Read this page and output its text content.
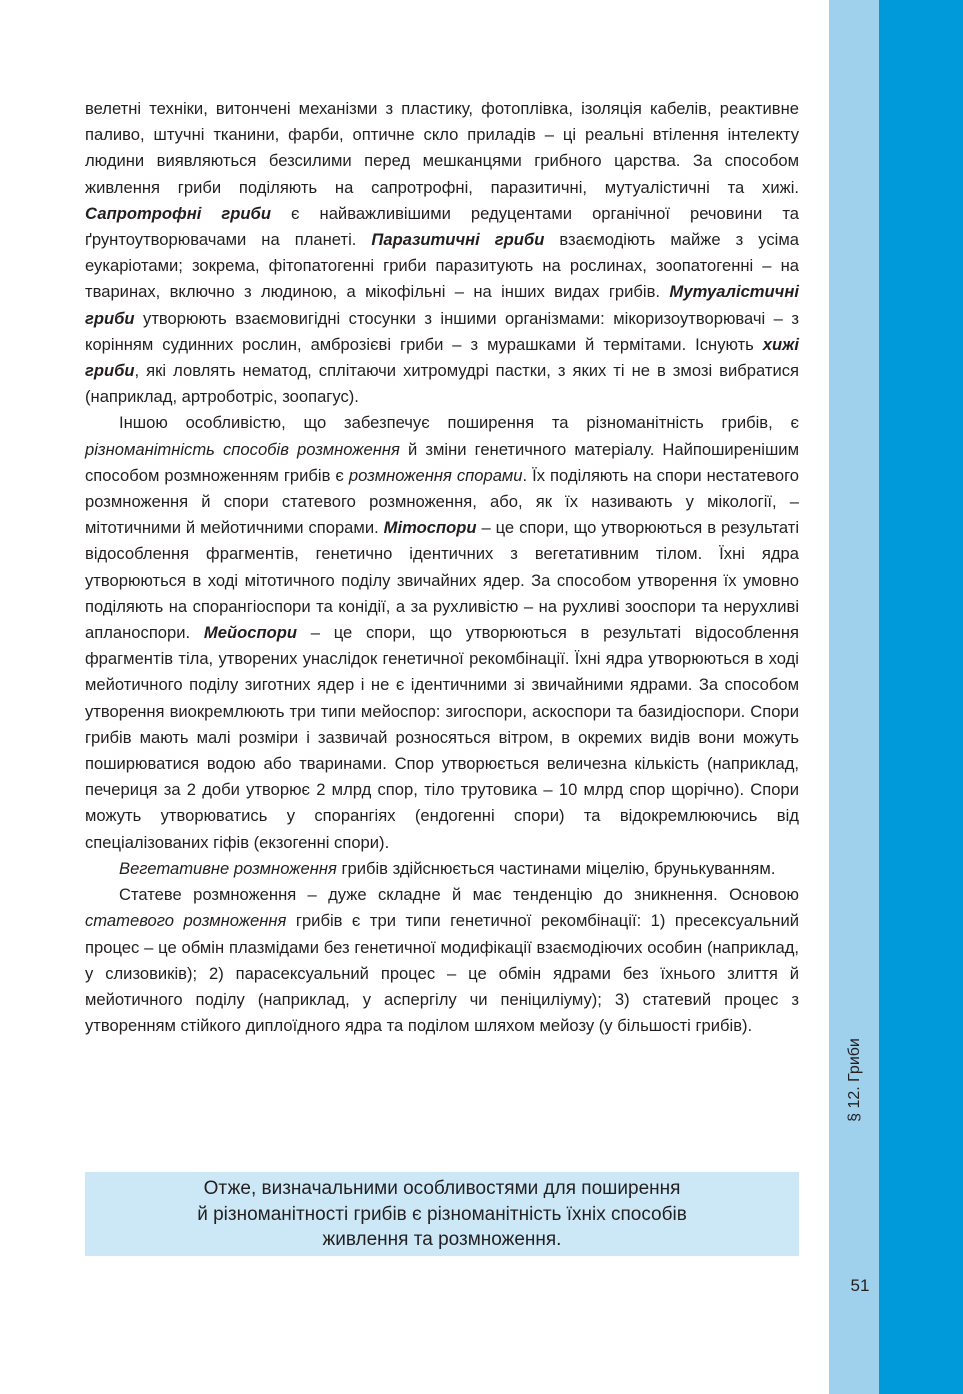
велетні техніки, витончені механізми з пластику, фотоплівка, ізоляція кабелів, реактивне паливо, штучні тканини, фарби, оптичне скло приладів – ці реальні втілення інтелекту людини виявляються безсилими перед мешканцями грибного царства. За способом живлення гриби поділяють на сапротрофні, паразитичні, мутуалістичні та хижі. Сапротрофні гриби є найважливішими редуцентами органічної речовини та ґрунтоутворювачами на планеті. Паразитичні гриби взаємодіють майже з усіма еукаріотами; зокрема, фітопатогенні гриби паразитують на рослинах, зоопатогенні – на тваринах, включно з людиною, а мікофільні – на інших видах грибів. Мутуалістичні гриби утворюють взаємовигідні стосунки з іншими організмами: мікоризоутворювачі – з корінням судинних рослин, амброзієві гриби – з мурашками й термітами. Існують хижі гриби, які ловлять нематод, сплітаючи хитромудрі пастки, з яких ті не в змозі вибратися (наприклад, артроботріс, зоопагус).

Іншою особливістю, що забезпечує поширення та різноманітність грибів, є різноманітність способів розмноження й зміни генетичного матеріалу. Найпоширенішим способом розмноженням грибів є розмноження спорами. Їх поділяють на спори нестатевого розмноження й спори статевого розмноження, або, як їх називають у мікології, – мітотичними й мейотичними спорами. Мітоспори – це спори, що утворюються в результаті відособлення фрагментів, генетично ідентичних з вегетативним тілом. Їхні ядра утворюються в ході мітотичного поділу звичайних ядер. За способом утворення їх умовно поділяють на спорангіоспори та конідії, а за рухливістю – на рухливі зооспори та нерухливі апланоспори. Мейоспори – це спори, що утворюються в результаті відособлення фрагментів тіла, утворених унаслідок генетичної рекомбінації. Їхні ядра утворюються в ході мейотичного поділу зиготних ядер і не є ідентичними зі звичайними ядрами. За способом утворення виокремлюють три типи мейоспор: зигоспори, аскоспори та базидіоспори. Спори грибів мають малі розміри і зазвичай розносяться вітром, в окремих видів вони можуть поширюватися водою або тваринами. Спор утворюється величезна кількість (наприклад, печериця за 2 доби утворює 2 млрд спор, тіло трутовика – 10 млрд спор щорічно). Спори можуть утворюватись у спорангіях (ендогенні спори) та відокремлюючись від спеціалізованих гіфів (екзогенні спори).

Вегетативне розмноження грибів здійснюється частинами міцелію, брунькуванням.

Статеве розмноження – дуже складне й має тенденцію до зникнення. Основою статевого розмноження грибів є три типи генетичної рекомбінації: 1) пресексуальний процес – це обмін плазмідами без генетичної модифікації взаємодіючих особин (наприклад, у слизовиків); 2) парасексуальний процес – це обмін ядрами без їхнього злиття й мейотичного поділу (наприклад, у аспергілу чи пеніциліуму); 3) статевий процес з утворенням стійкого диплоїдного ядра та поділом шляхом мейозу (у більшості грибів).

Отже, визначальними особливостями для поширення
й різноманітності грибів є різноманітність їхніх способів
живлення та розмноження.
§ 12. Гриби
51
